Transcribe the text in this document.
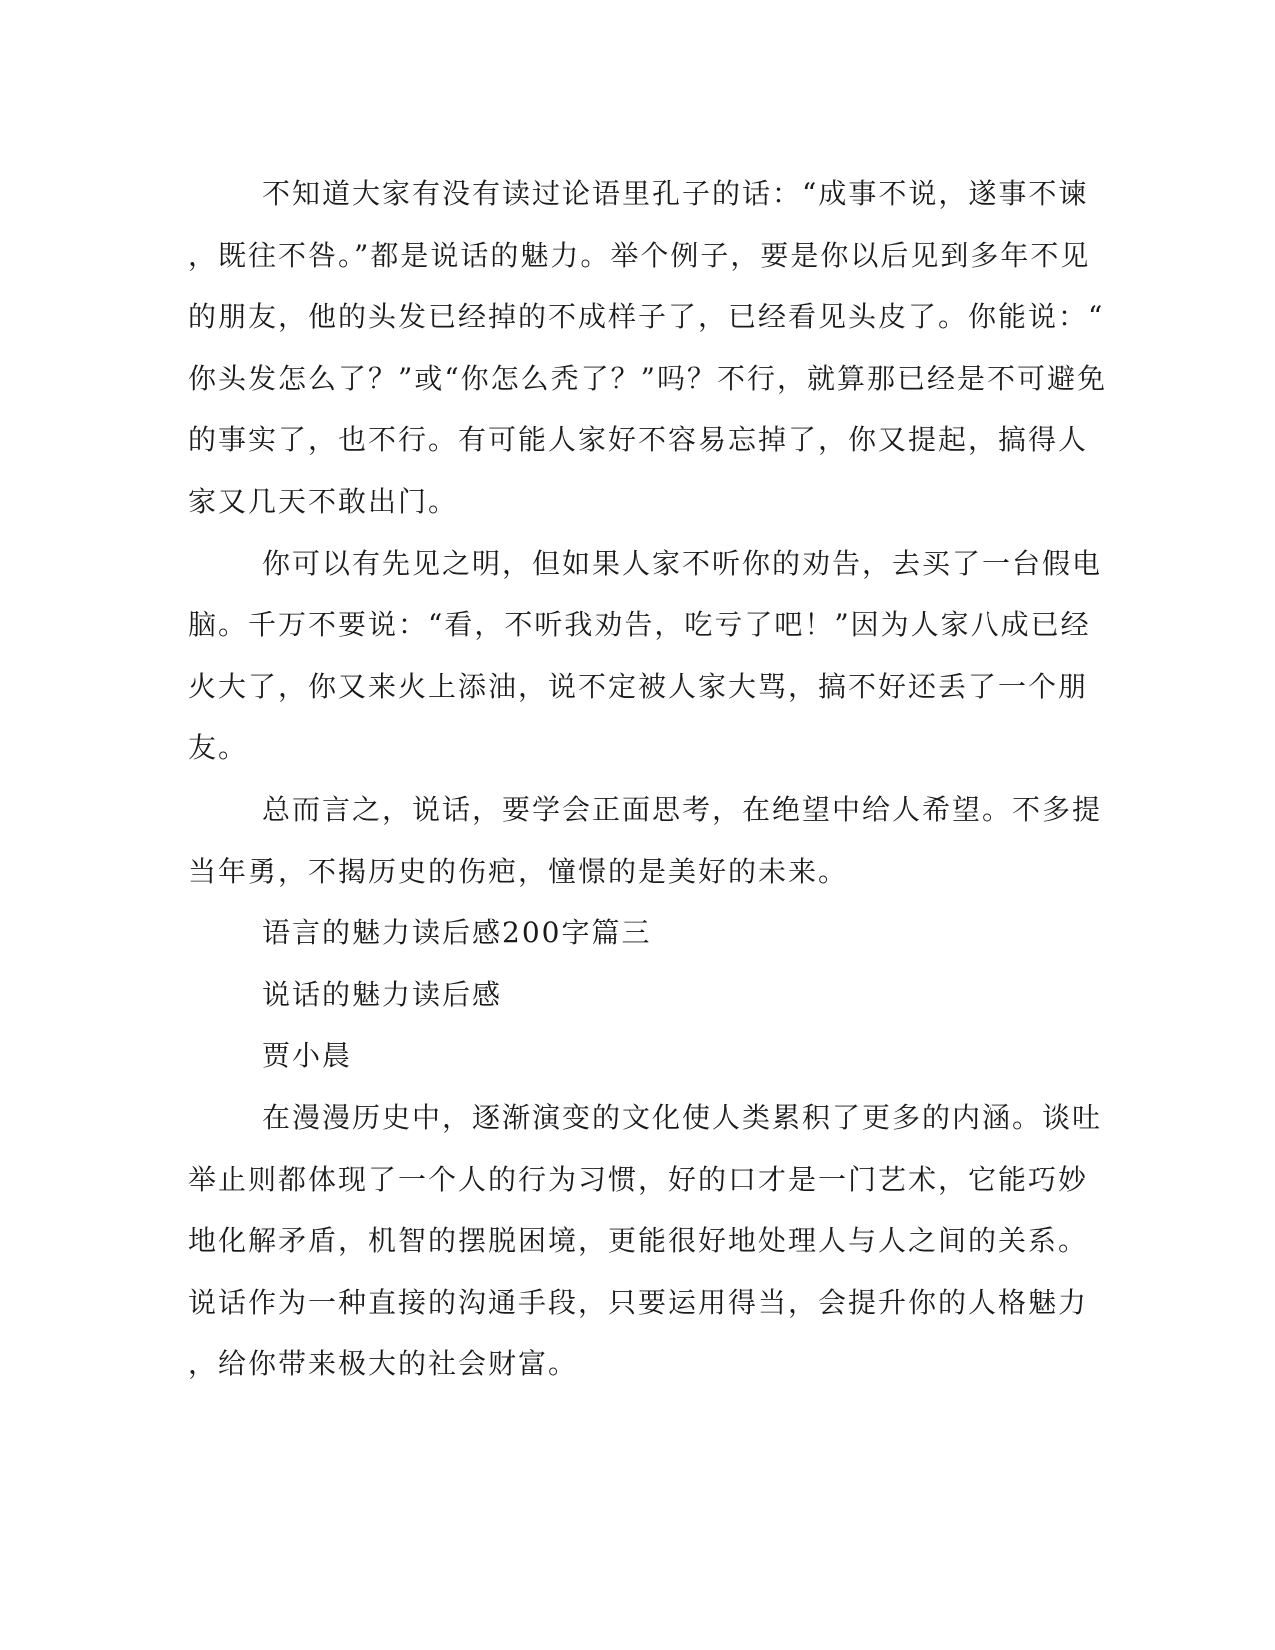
不知道大家有没有读过论语里孔子的话：“成事不说，遂事不谏
，既往不咎。”都是说话的魅力。举个例子，要是你以后见到多年不见
的朋友，他的头发已经掉的不成样子了，已经看见头皮了。你能说：“
你头发怎么了？”或“你怎么秃了？”吗？不行，就算那已经是不可避免
的事实了，也不行。有可能人家好不容易忘掉了，你又提起，搞得人
家又几天不敢出门。
你可以有先见之明，但如果人家不听你的劝告，去买了一台假电
脑。千万不要说：“看，不听我劝告，吃亏了吧！”因为人家八成已经
火大了，你又来火上添油，说不定被人家大骂，搞不好还丢了一个朋
友。
总而言之，说话，要学会正面思考，在绝望中给人希望。不多提
当年勇，不揭历史的伤疤，憧憬的是美好的未来。
语言的魅力读后感200字篇三
说话的魅力读后感
贾小晨
在漫漫历史中，逐渐演变的文化使人类累积了更多的内涵。谈吐
举止则都体现了一个人的行为习惯，好的口才是一门艺术，它能巧妙
地化解矛盾，机智的摆脱困境，更能很好地处理人与人之间的关系。
说话作为一种直接的沟通手段，只要运用得当，会提升你的人格魅力
，给你带来极大的社会财富。
